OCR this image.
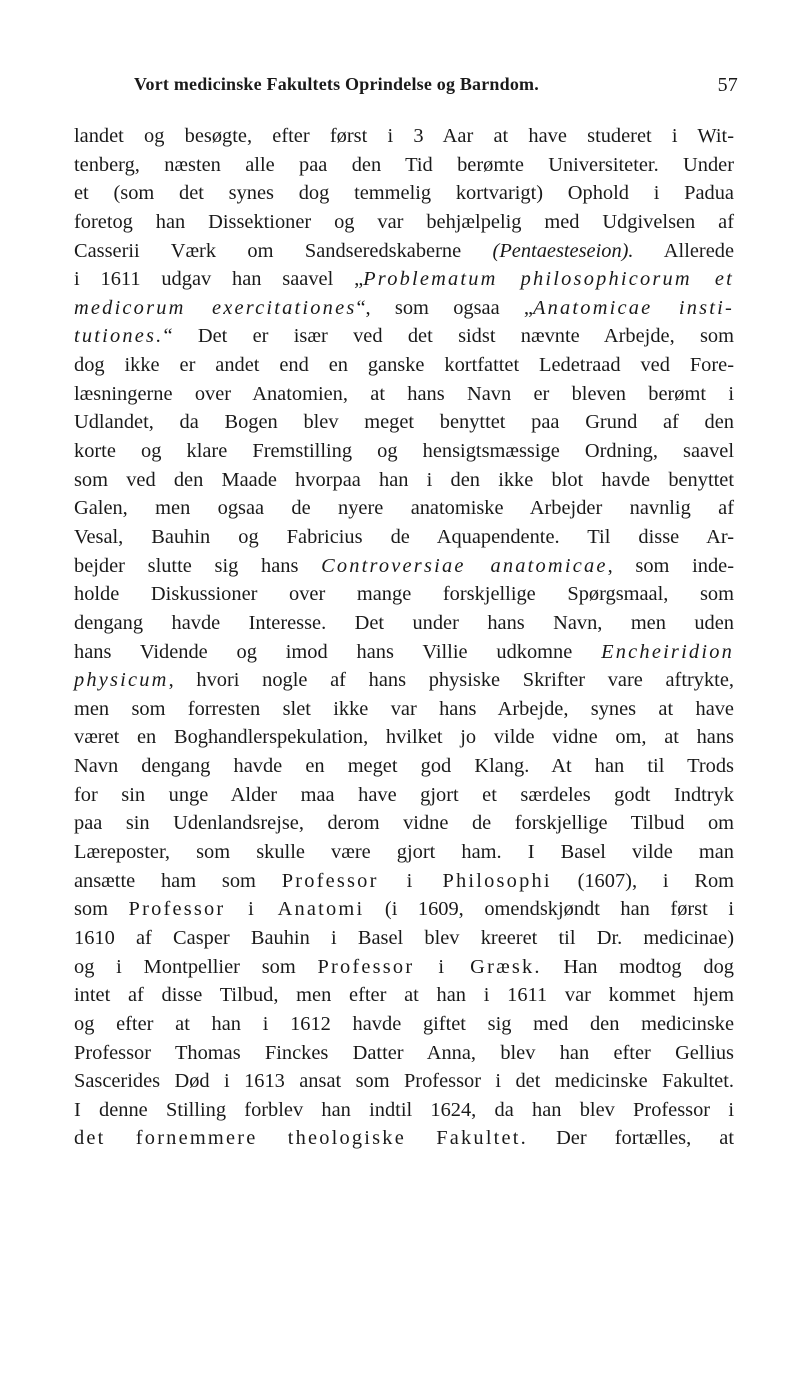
Vort medicinske Fakultets Oprindelse og Barndom.	57
landet og besøgte, efter først i 3 Aar at have studeret i Wit-
tenberg, næsten alle paa den Tid berømte Universiteter. Under
et (som det synes dog temmelig kortvarigt) Ophold i Padua
foretog han Dissektioner og var behjælpelig med Udgivelsen af
Casserii Værk om Sandseredskaberne (Pentaesteseion). Allerede
i 1611 udgav han saavel „Problematum philosophicorum et
medicorum exercitationes“, som ogsaa „Anatomicae insti-
tutiones.“ Det er især ved det sidst nævnte Arbejde, som
dog ikke er andet end en ganske kortfattet Ledetraad ved Fore-
læsningerne over Anatomien, at hans Navn er bleven berømt i
Udlandet, da Bogen blev meget benyttet paa Grund af den
korte og klare Fremstilling og hensigtsmæssige Ordning, saavel
som ved den Maade hvorpaa han i den ikke blot havde benyttet
Galen, men ogsaa de nyere anatomiske Arbejder navnlig af
Vesal, Bauhin og Fabricius de Aquapendente. Til disse Ar-
bejder slutte sig hans Controversiae anatomicae, som inde-
holde Diskussioner over mange forskjellige Spørgsmaal, som
dengang havde Interesse. Det under hans Navn, men uden
hans Vidende og imod hans Villie udkomne Encheiridion
physicum, hvori nogle af hans physiske Skrifter vare aftrykte,
men som forresten slet ikke var hans Arbejde, synes at have
været en Boghandlerspekulation, hvilket jo vilde vidne om, at hans
Navn dengang havde en meget god Klang. At han til Trods
for sin unge Alder maa have gjort et særdeles godt Indtryk
paa sin Udenlandsrejse, derom vidne de forskjellige Tilbud om
Læreposter, som skulle være gjort ham. I Basel vilde man
ansætte ham som Professor i Philosophi (1607), i Rom
som Professor i Anatomi (i 1609, omendskjøndt han først i
1610 af Casper Bauhin i Basel blev kreeret til Dr. medicinae)
og i Montpellier som Professor i Græsk. Han modtog dog
intet af disse Tilbud, men efter at han i 1611 var kommet hjem
og efter at han i 1612 havde giftet sig med den medicinske
Professor Thomas Finckes Datter Anna, blev han efter Gellius
Sascerides Død i 1613 ansat som Professor i det medicinske Fakultet.
I denne Stilling forblev han indtil 1624, da han blev Professor i
det fornemmere theologiske Fakultet. Der fortælles, at
